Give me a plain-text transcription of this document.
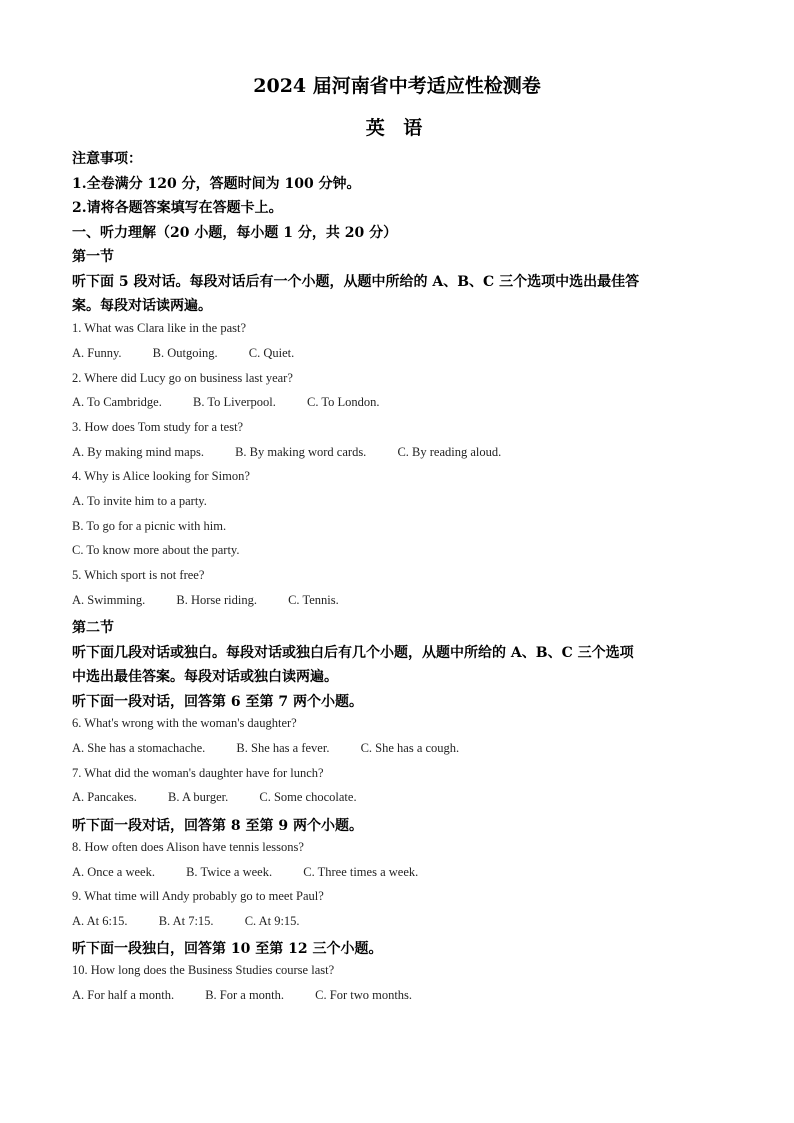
2024 届河南省中考适应性检测卷
英 语
注意事项：
1.全卷满分 120 分，答题时间为 100 分钟。
2.请将各题答案填写在答题卡上。
一、听力理解（20 小题，每小题 1 分，共 20 分）
第一节
听下面 5 段对话。每段对话后有一个小题，从题中所给的 A、B、C 三个选项中选出最佳答
案。每段对话读两遍。
1. What was Clara like in the past?
A. Funny. B. Outgoing. C. Quiet.
2. Where did Lucy go on business last year?
A. To Cambridge. B. To Liverpool. C. To London.
3. How does Tom study for a test?
A. By making mind maps. B. By making word cards. C. By reading aloud.
4. Why is Alice looking for Simon?
A. To invite him to a party.
B. To go for a picnic with him.
C. To know more about the party.
5. Which sport is not free?
A. Swimming. B. Horse riding. C. Tennis.
第二节
听下面几段对话或独白。每段对话或独白后有几个小题，从题中所给的 A、B、C 三个选项
中选出最佳答案。每段对话或独白读两遍。
听下面一段对话，回答第 6 至第 7 两个小题。
6. What's wrong with the woman's daughter?
A. She has a stomachache. B. She has a fever. C. She has a cough.
7. What did the woman's daughter have for lunch?
A. Pancakes. B. A burger. C. Some chocolate.
听下面一段对话，回答第 8 至第 9 两个小题。
8. How often does Alison have tennis lessons?
A. Once a week. B. Twice a week. C. Three times a week.
9. What time will Andy probably go to meet Paul?
A. At 6:15. B. At 7:15. C. At 9:15.
听下面一段独白，回答第 10 至第 12 三个小题。
10. How long does the Business Studies course last?
A. For half a month. B. For a month. C. For two months.
